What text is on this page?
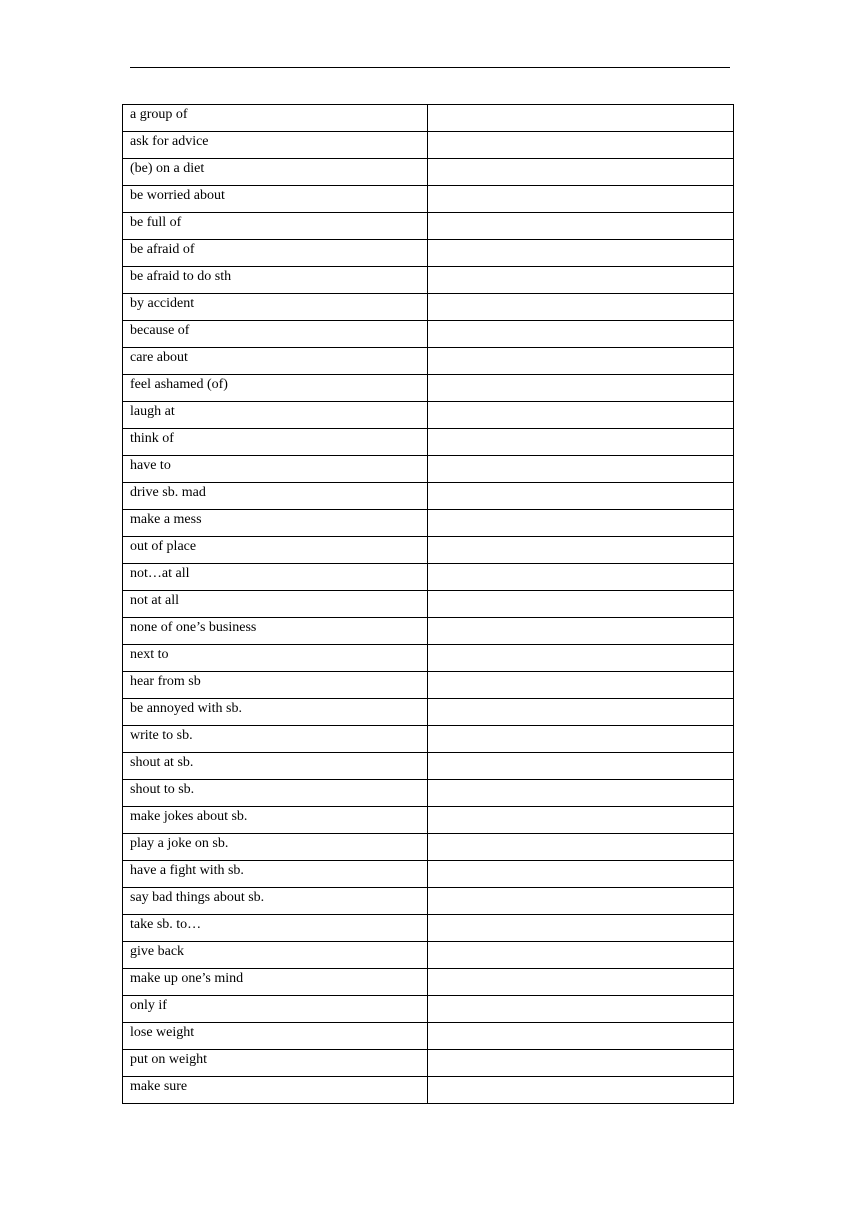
a group of	
ask for advice	
(be) on a diet	
be worried about	
be full of	
be afraid of	
be afraid to do sth	
by accident	
because of	
care about	
feel ashamed (of)	
laugh at	
think of	
have to	
drive sb. mad	
make a mess	
out of place	
not…at all	
not at all	
none of one’s business	
next to	
hear from sb	
be annoyed with sb.	
write to sb.	
shout at sb.	
shout to sb.	
make jokes about sb.	
play a joke on sb.	
have a fight with sb.	
say bad things about sb.	
take sb. to…	
give back	
make up one’s mind	
only if	
lose weight	
put on weight	
make sure	
